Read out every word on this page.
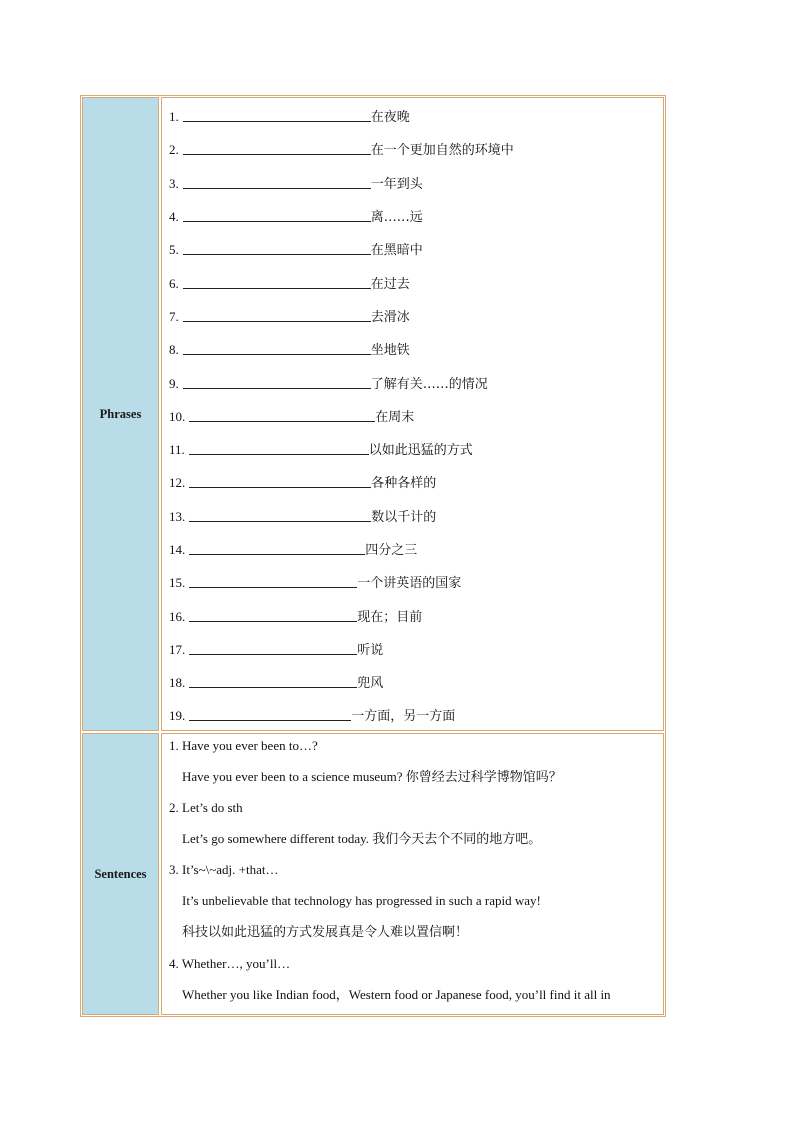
Phrases
1.	在夜晚
2.	在一个更加自然的环境中
3.	一年到头
4.	离……远
5.	在黑暗中
6.	在过去
7.	去滑冰
8.	坐地铁
9.	了解有关……的情况
10.	在周末
11.	以如此迅猛的方式
12.	各种各样的
13.	数以千计的
14.	四分之三
15.	一个讲英语的国家
16.	现在；目前
17.	听说
18.	兜风
19.	一方面，另一方面
Sentences
1. Have you ever been to…?
Have you ever been to a science museum? 你曾经去过科学博物馆吗？
2. Let’s do sth
Let’s go somewhere different today. 我们今天去个不同的地方吧。
3. It’s~\~adj. +that…
It’s unbelievable that technology has progressed in such a rapid way!
科技以如此迅猛的方式发展真是令人难以置信啊！
4. Whether…, you’ll…
Whether you like Indian food，Western food or Japanese food, you’ll find it all in
